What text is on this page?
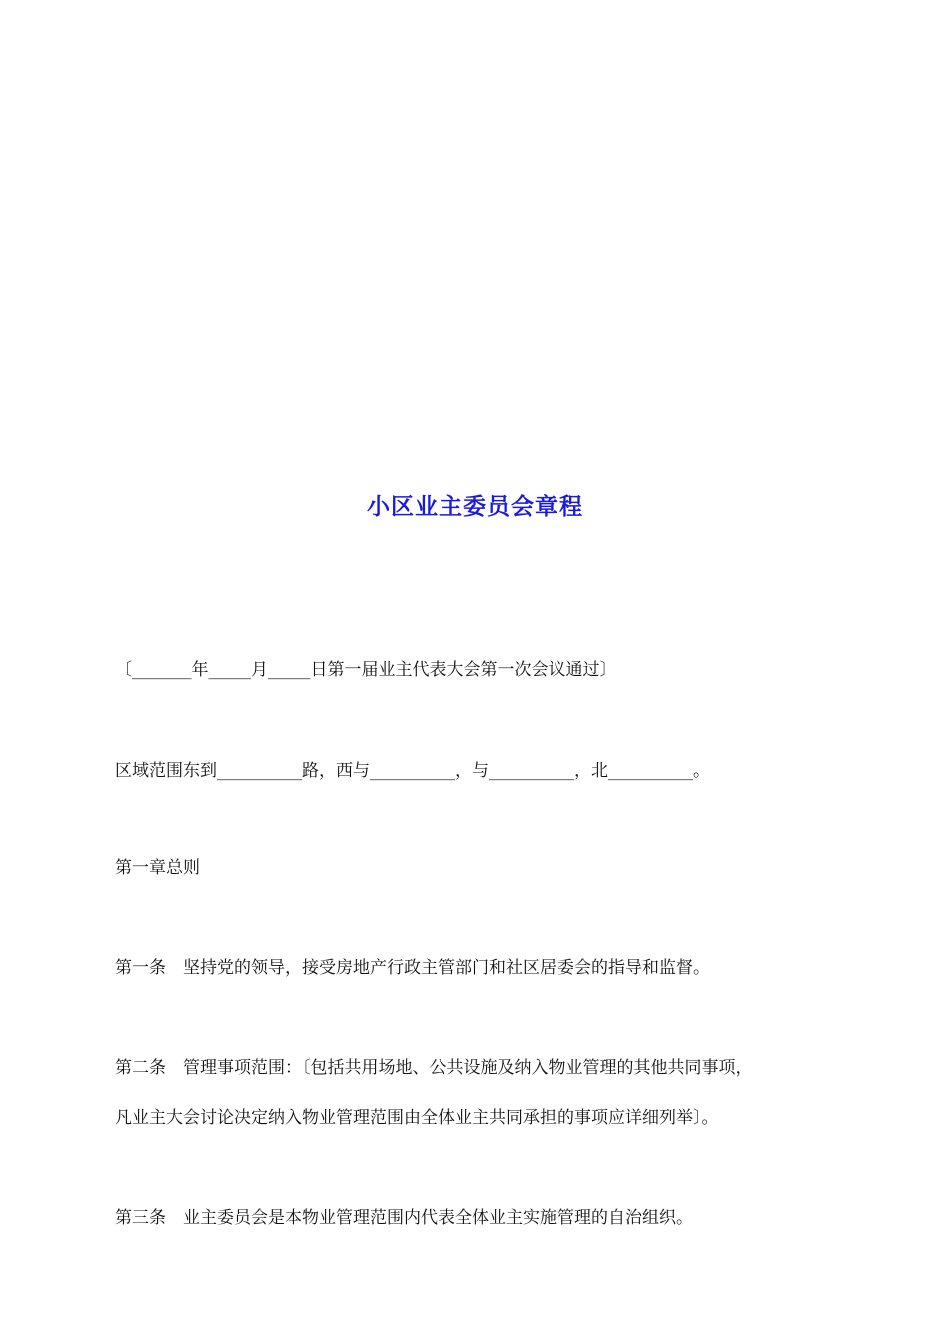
小区业主委员会章程
〔_______年_____月_____日第一届业主代表大会第一次会议通过〕
区域范围东到__________路，西与__________，与__________，北__________。
第一章总则
第一条　坚持党的领导，接受房地产行政主管部门和社区居委会的指导和监督。
第二条　管理事项范围：〔包括共用场地、公共设施及纳入物业管理的其他共同事项，
凡业主大会讨论决定纳入物业管理范围由全体业主共同承担的事项应详细列举〕。
第三条　业主委员会是本物业管理范围内代表全体业主实施管理的自治组织。
